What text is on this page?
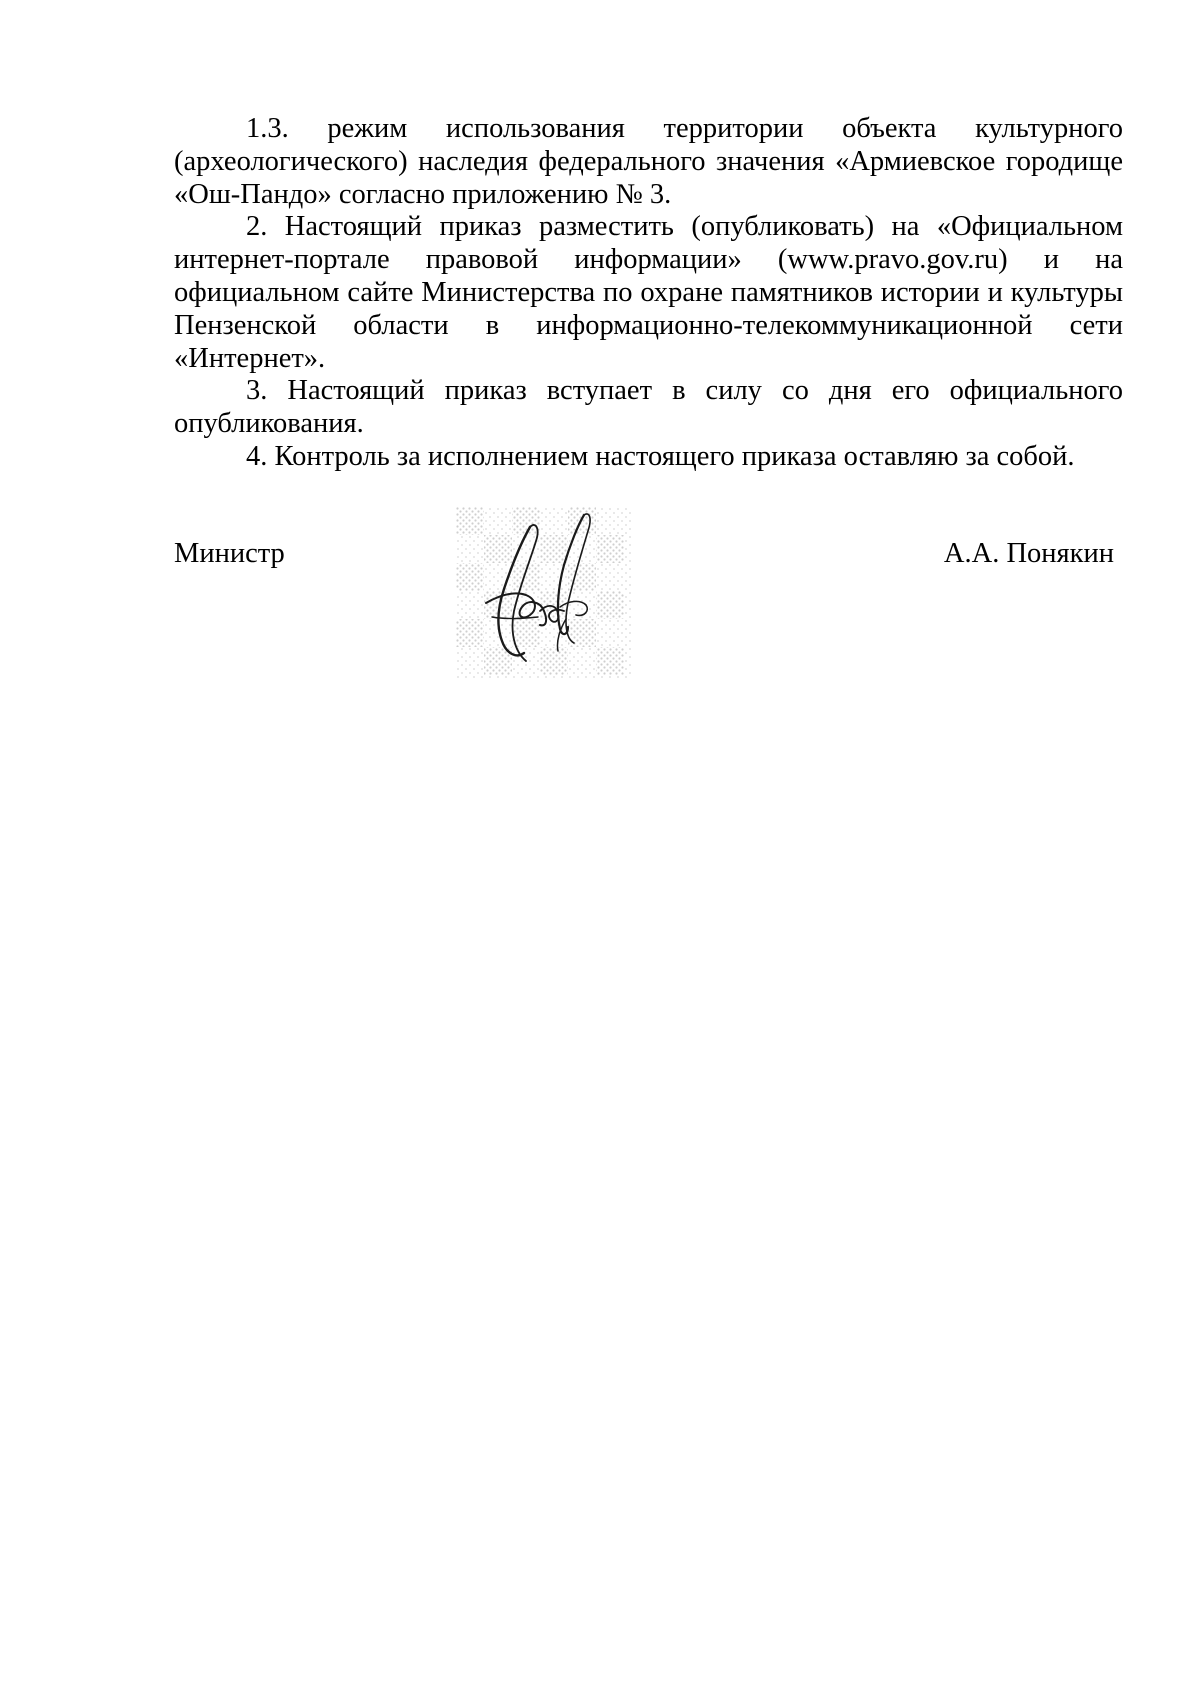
1.3. режим использования территории объекта культурного (археологического) наследия федерального значения «Армиевское городище «Ош-Пандо» согласно приложению № 3.

2. Настоящий приказ разместить (опубликовать) на «Официальном интернет-портале правовой информации» (www.pravo.gov.ru) и на официальном сайте Министерства по охране памятников истории и культуры Пензенской области в информационно-телекоммуникационной сети «Интернет».

3. Настоящий приказ вступает в силу со дня его официального опубликования.

4. Контроль за исполнением настоящего приказа оставляю за собой.

Министр	А.А. Понякин
